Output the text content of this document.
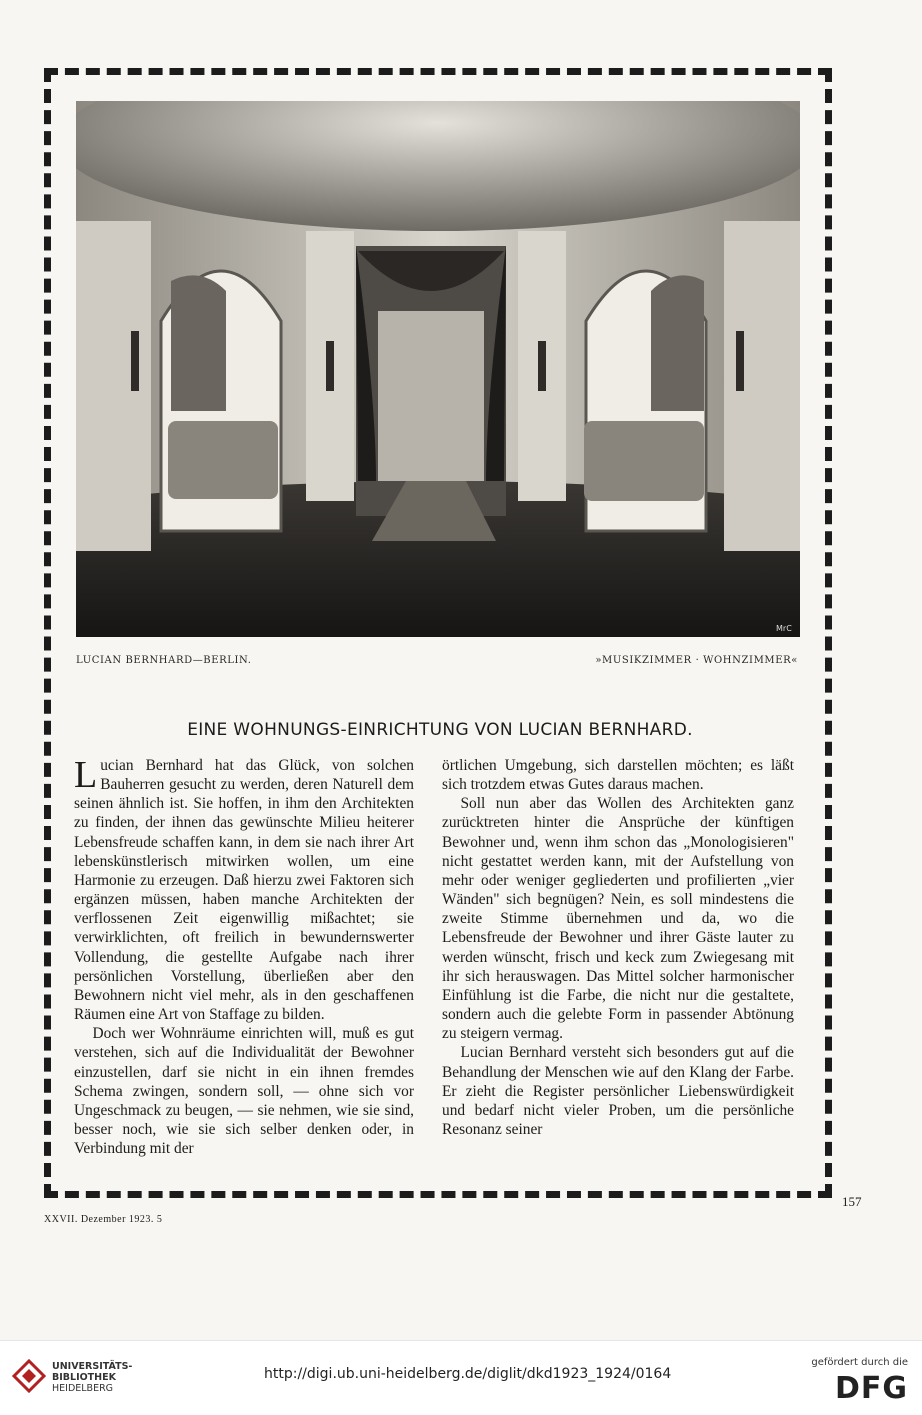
MrC
LUCIAN BERNHARD—BERLIN.	»MUSIKZIMMER · WOHNZIMMER«
EINE WOHNUNGS-EINRICHTUNG VON LUCIAN BERNHARD.

Lucian Bernhard hat das Glück, von solchen Bauherren gesucht zu werden, deren Naturell dem seinen ähnlich ist. Sie hoffen, in ihm den Architekten zu finden, der ihnen das gewünschte Milieu heiterer Lebensfreude schaffen kann, in dem sie nach ihrer Art lebenskünstlerisch mitwirken wollen, um eine Harmonie zu erzeugen. Daß hierzu zwei Faktoren sich ergänzen müssen, haben manche Architekten der verflossenen Zeit eigenwillig mißachtet; sie verwirklichten, oft freilich in bewundernswerter Vollendung, die gestellte Aufgabe nach ihrer persönlichen Vorstellung, überließen aber den Bewohnern nicht viel mehr, als in den geschaffenen Räumen eine Art von Staffage zu bilden.

Doch wer Wohnräume einrichten will, muß es gut verstehen, sich auf die Individualität der Bewohner einzustellen, darf sie nicht in ein ihnen fremdes Schema zwingen, sondern soll, — ohne sich vor Ungeschmack zu beugen, — sie nehmen, wie sie sind, besser noch, wie sie sich selber denken oder, in Verbindung mit der

örtlichen Umgebung, sich darstellen möchten; es läßt sich trotzdem etwas Gutes daraus machen.

Soll nun aber das Wollen des Architekten ganz zurücktreten hinter die Ansprüche der künftigen Bewohner und, wenn ihm schon das „Monologisieren" nicht gestattet werden kann, mit der Aufstellung von mehr oder weniger gegliederten und profilierten „vier Wänden" sich begnügen? Nein, es soll mindestens die zweite Stimme übernehmen und da, wo die Lebensfreude der Bewohner und ihrer Gäste lauter zu werden wünscht, frisch und keck zum Zwiegesang mit ihr sich herauswagen. Das Mittel solcher harmonischer Einfühlung ist die Farbe, die nicht nur die gestaltete, sondern auch die gelebte Form in passender Abtönung zu steigern vermag.

Lucian Bernhard versteht sich besonders gut auf die Behandlung der Menschen wie auf den Klang der Farbe. Er zieht die Register persönlicher Liebenswürdigkeit und bedarf nicht vieler Proben, um die persönliche Resonanz seiner

157
XXVII. Dezember 1923. 5
UNIVERSITÄTS-
BIBLIOTHEK
HEIDELBERG
http://digi.ub.uni-heidelberg.de/diglit/dkd1923_1924/0164
gefördert durch die
DFG
